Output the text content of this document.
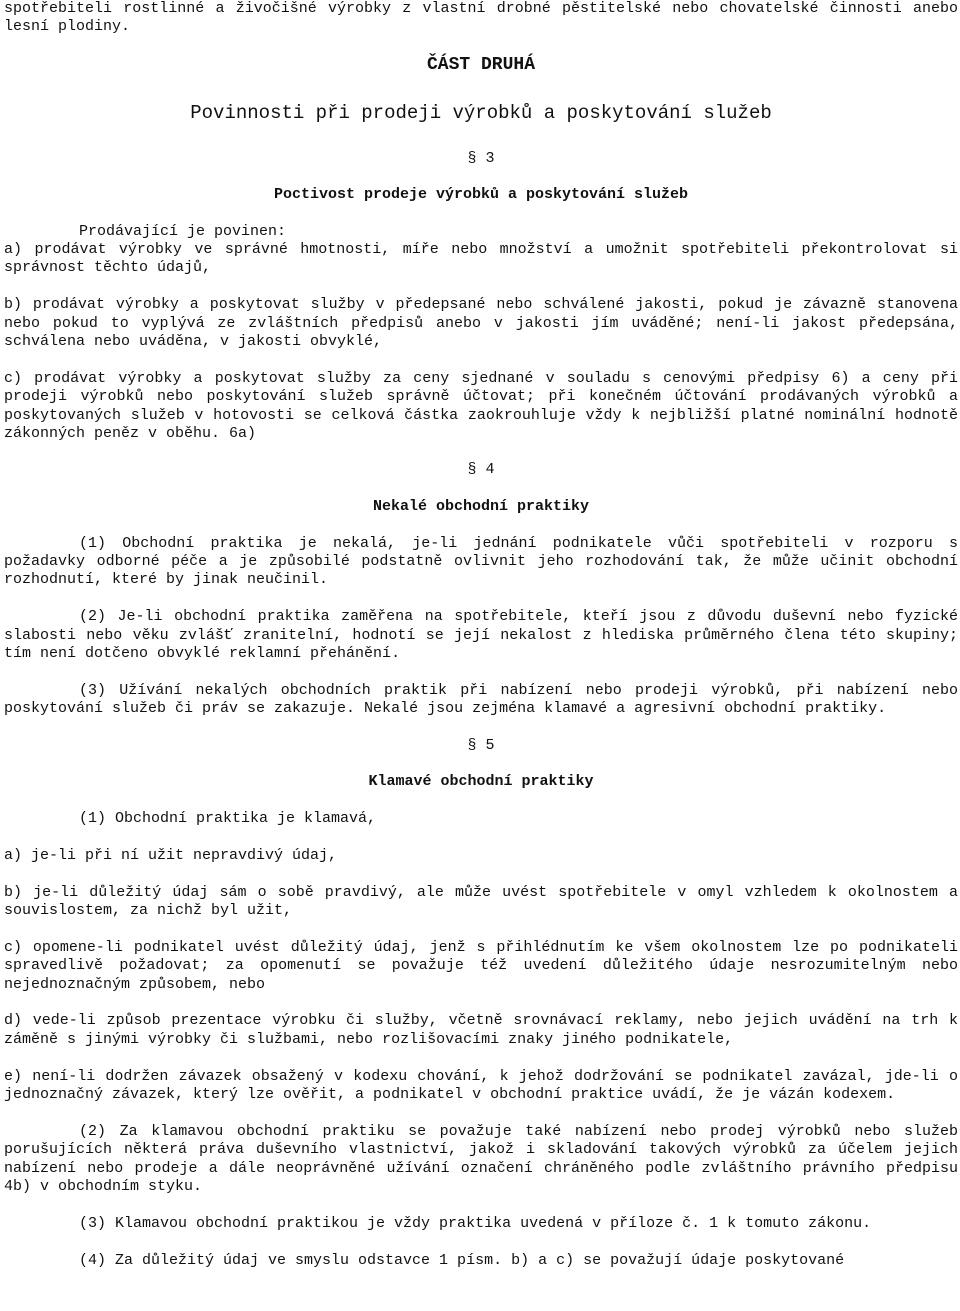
spotřebiteli rostlinné a živočišné výrobky z vlastní drobné pěstitelské nebo chovatelské činnosti anebo lesní plodiny.

ČÁST DRUHÁ

Povinnosti při prodeji výrobků a poskytování služeb

§ 3

Poctivost prodeje výrobků a poskytování služeb

Prodávající je povinen:

a) prodávat výrobky ve správné hmotnosti, míře nebo množství a umožnit spotřebiteli překontrolovat si správnost těchto údajů,

b) prodávat výrobky a poskytovat služby v předepsané nebo schválené jakosti, pokud je závazně stanovena nebo pokud to vyplývá ze zvláštních předpisů anebo v jakosti jím uváděné; není-li jakost předepsána, schválena nebo uváděna, v jakosti obvyklé,

c) prodávat výrobky a poskytovat služby za ceny sjednané v souladu s cenovými předpisy 6) a ceny při prodeji výrobků nebo poskytování služeb správně účtovat; při konečném účtování prodávaných výrobků a poskytovaných služeb v hotovosti se celková částka zaokrouhluje vždy k nejbližší platné nominální hodnotě zákonných peněz v oběhu. 6a)

§ 4

Nekalé obchodní praktiky

(1) Obchodní praktika je nekalá, je-li jednání podnikatele vůči spotřebiteli v rozporu s požadavky odborné péče a je způsobilé podstatně ovlivnit jeho rozhodování tak, že může učinit obchodní rozhodnutí, které by jinak neučinil.

(2) Je-li obchodní praktika zaměřena na spotřebitele, kteří jsou z důvodu duševní nebo fyzické slabosti nebo věku zvlášť zranitelní, hodnotí se její nekalost z hlediska průměrného člena této skupiny; tím není dotčeno obvyklé reklamní přehánění.

(3) Užívání nekalých obchodních praktik při nabízení nebo prodeji výrobků, při nabízení nebo poskytování služeb či práv se zakazuje. Nekalé jsou zejména klamavé a agresivní obchodní praktiky.

§ 5

Klamavé obchodní praktiky

(1) Obchodní praktika je klamavá,

a) je-li při ní užit nepravdivý údaj,

b) je-li důležitý údaj sám o sobě pravdivý, ale může uvést spotřebitele v omyl vzhledem k okolnostem a souvislostem, za nichž byl užit,

c) opomene-li podnikatel uvést důležitý údaj, jenž s přihlédnutím ke všem okolnostem lze po podnikateli spravedlivě požadovat; za opomenutí se považuje též uvedení důležitého údaje nesrozumitelným nebo nejednoznačným způsobem, nebo

d) vede-li způsob prezentace výrobku či služby, včetně srovnávací reklamy, nebo jejich uvádění na trh k záměně s jinými výrobky či službami, nebo rozlišovacími znaky jiného podnikatele,

e) není-li dodržen závazek obsažený v kodexu chování, k jehož dodržování se podnikatel zavázal, jde-li o jednoznačný závazek, který lze ověřit, a podnikatel v obchodní praktice uvádí, že je vázán kodexem.

(2) Za klamavou obchodní praktiku se považuje také nabízení nebo prodej výrobků nebo služeb porušujících některá práva duševního vlastnictví, jakož i skladování takových výrobků za účelem jejich nabízení nebo prodeje a dále neoprávněné užívání označení chráněného podle zvláštního právního předpisu 4b) v obchodním styku.

(3) Klamavou obchodní praktikou je vždy praktika uvedená v příloze č. 1 k tomuto zákonu.

(4) Za důležitý údaj ve smyslu odstavce 1 písm. b) a c) se považují údaje poskytované
